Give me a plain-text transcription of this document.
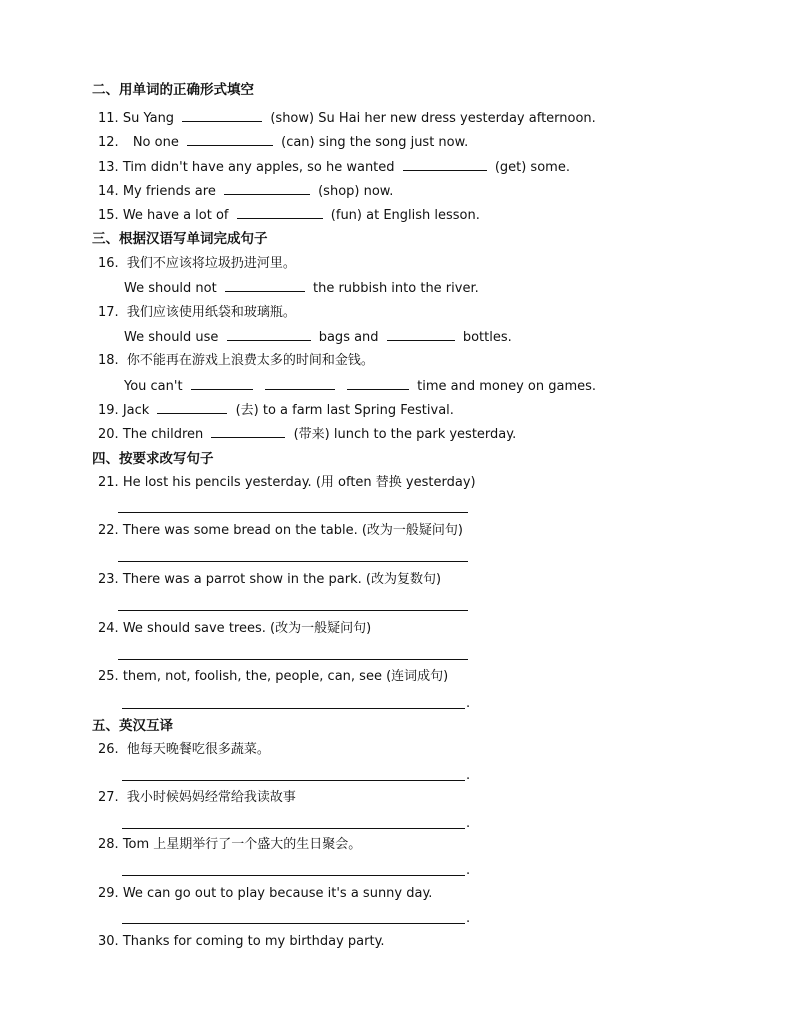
二、用单词的正确形式填空
11. Su Yang	(show) Su Hai her new dress yesterday afternoon.
12. No one	(can) sing the song just now.
13. Tim didn't have any apples, so he wanted	(get) some.
14. My friends are	(shop) now.
15. We have a lot of	(fun) at English lesson.
三、根据汉语写单词完成句子
16. 我们不应该将垃圾扔进河里。
We should not	the rubbish into the river.
17. 我们应该使用纸袋和玻璃瓶。
We should use	bags and	bottles.
18. 你不能再在游戏上浪费太多的时间和金钱。
You can't	time and money on games.
19. Jack	(去) to a farm last Spring Festival.
20. The children	(带来) lunch to the park yesterday.
四、按要求改写句子
21. He lost his pencils yesterday. (用 often 替换 yesterday)
22. There was some bread on the table. (改为一般疑问句)
23. There was a parrot show in the park. (改为复数句)
24. We should save trees. (改为一般疑问句)
25. them, not, foolish, the, people, can, see (连词成句)
.
五、英汉互译
26. 他每天晚餐吃很多蔬菜。
.
27. 我小时候妈妈经常给我读故事
.
28. Tom 上星期举行了一个盛大的生日聚会。
.
29. We can go out to play because it's a sunny day.
.
30. Thanks for coming to my birthday party.
